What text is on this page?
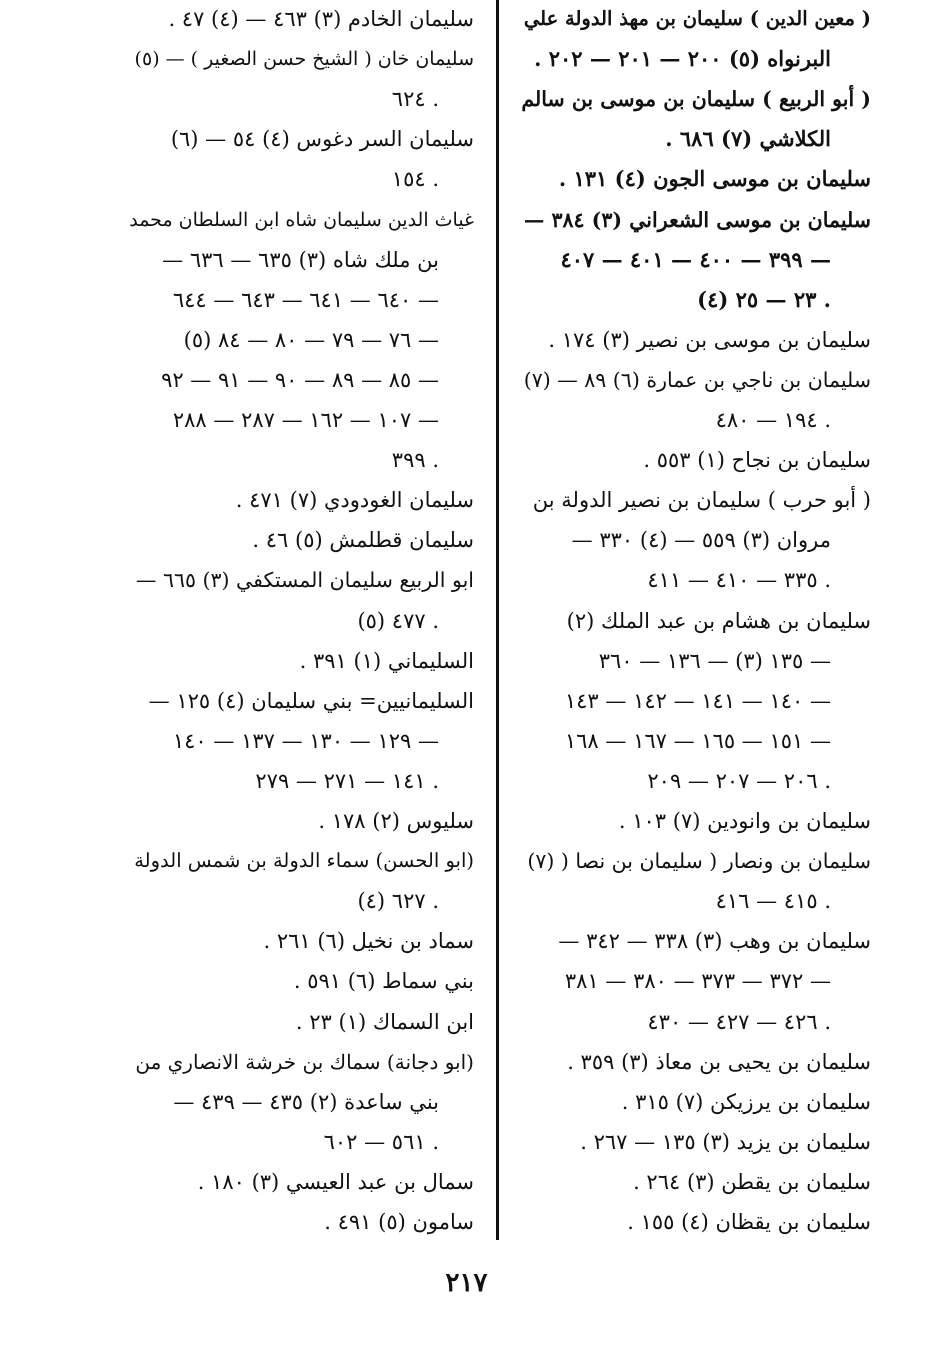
( معين الدين ) سليمان بن مهذ الدولة علي
البرنواه (٥) ٢٠٠ — ٢٠١ — ٢٠٢ .
( أبو الربيع ) سليمان بن موسى بن سالم
الكلاشي (٧) ٦٨٦ .
سليمان بن موسى الجون (٤) ١٣١ .
سليمان بن موسى الشعراني (٣) ٣٨٤ —
٣٩٩ — ٤٠٠ — ٤٠١ — ٤٠٧ —
(٤) ٢٣ — ٢٥ .
سليمان بن موسى بن نصير (٣) ١٧٤ .
سليمان بن ناجي بن عمارة (٦) ٨٩ — (٧)
١٩٤ — ٤٨٠ .
سليمان بن نجاح (١) ٥٥٣ .
( أبو حرب ) سليمان بن نصير الدولة بن
مروان (٣) ٥٥٩ — (٤) ٣٣٠ —
٣٣٥ — ٤١٠ — ٤١١ .
سليمان بن هشام بن عبد الملك (٢)
١٣٥ (٣) — ١٣٦ — ٣٦٠ —
١٤٠ — ١٤١ — ١٤٢ — ١٤٣ —
١٥١ — ١٦٥ — ١٦٧ — ١٦٨ —
٢٠٦ — ٢٠٧ — ٢٠٩ .
سليمان بن وانودين (٧) ١٠٣ .
سليمان بن ونصار ( سليمان بن نصا ( (٧)
٤١٥ — ٤١٦ .
سليمان بن وهب (٣) ٣٣٨ — ٣٤٢ —
٣٧٢ — ٣٧٣ — ٣٨٠ — ٣٨١ —
٤٢٦ — ٤٢٧ — ٤٣٠ .
سليمان بن يحيى بن معاذ (٣) ٣٥٩ .
سليمان بن يرزيكن (٧) ٣١٥ .
سليمان بن يزيد (٣) ١٣٥ — ٢٦٧ .
سليمان بن يقطن (٣) ٢٦٤ .
سليمان بن يقظان (٤) ١٥٥ .
سليمان الخادم (٣) ٤٦٣ — (٤) ٤٧ .
سليمان خان ( الشيخ حسن الصغير ) — (٥)
٦٢٤ .
سليمان السر دغوس (٤) ٥٤ — (٦)
١٥٤ .
غياث الدين سليمان شاه ابن السلطان محمد
بن ملك شاه (٣) ٦٣٥ — ٦٣٦ —
٦٤٠ — ٦٤١ — ٦٤٣ — ٦٤٤ —
(٥) ٧٦ — ٧٩ — ٨٠ — ٨٤ —
٨٥ — ٨٩ — ٩٠ — ٩١ — ٩٢ —
١٠٧ — ١٦٢ — ٢٨٧ — ٢٨٨ —
٣٩٩ .
سليمان الغودودي (٧) ٤٧١ .
سليمان قطلمش (٥) ٤٦ .
ابو الربيع سليمان المستكفي (٣) ٦٦٥ —
(٥) ٤٧٧ .
السليماني (١) ٣٩١ .
السليمانيين= بني سليمان (٤) ١٢٥ —
١٢٩ — ١٣٠ — ١٣٧ — ١٤٠ —
١٤١ — ٢٧١ — ٢٧٩ .
سليوس (٢) ١٧٨ .
(ابو الحسن) سماء الدولة بن شمس الدولة
(٤) ٦٢٧ .
سماد بن نخيل (٦) ٢٦١ .
بني سماط (٦) ٥٩١ .
ابن السماك (١) ٢٣ .
(ابو دجانة) سماك بن خرشة الانصاري من
بني ساعدة (٢) ٤٣٥ — ٤٣٩ —
٥٦١ — ٦٠٢ .
سمال بن عبد العيسي (٣) ١٨٠ .
سامون (٥) ٤٩١ .
٢١٧
